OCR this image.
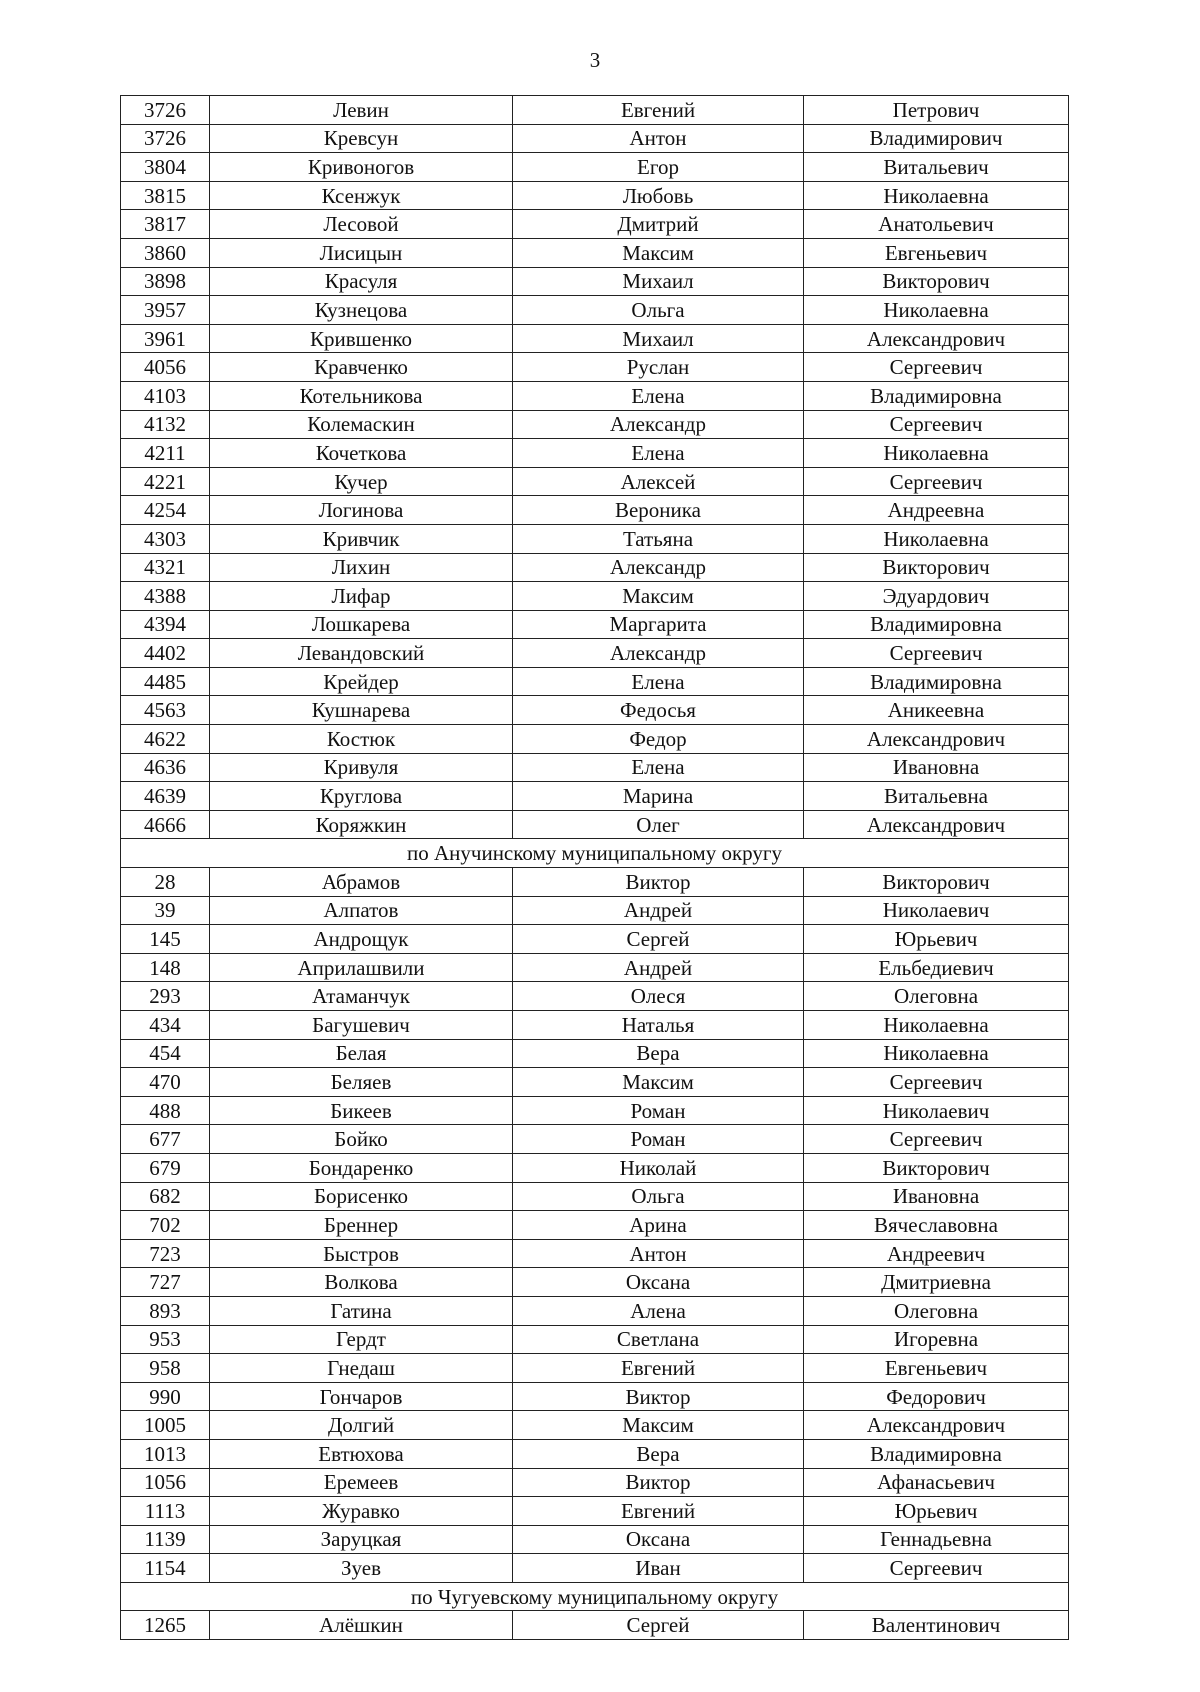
3
3726	Левин	Евгений	Петрович
3726	Кревсун	Антон	Владимирович
3804	Кривоногов	Егор	Витальевич
3815	Ксенжук	Любовь	Николаевна
3817	Лесовой	Дмитрий	Анатольевич
3860	Лисицын	Максим	Евгеньевич
3898	Красуля	Михаил	Викторович
3957	Кузнецова	Ольга	Николаевна
3961	Крившенко	Михаил	Александрович
4056	Кравченко	Руслан	Сергеевич
4103	Котельникова	Елена	Владимировна
4132	Колемаскин	Александр	Сергеевич
4211	Кочеткова	Елена	Николаевна
4221	Кучер	Алексей	Сергеевич
4254	Логинова	Вероника	Андреевна
4303	Кривчик	Татьяна	Николаевна
4321	Лихин	Александр	Викторович
4388	Лифар	Максим	Эдуардович
4394	Лошкарева	Маргарита	Владимировна
4402	Левандовский	Александр	Сергеевич
4485	Крейдер	Елена	Владимировна
4563	Кушнарева	Федосья	Аникеевна
4622	Костюк	Федор	Александрович
4636	Кривуля	Елена	Ивановна
4639	Круглова	Марина	Витальевна
4666	Коряжкин	Олег	Александрович
по Анучинскому муниципальному округу			
28	Абрамов	Виктор	Викторович
39	Алпатов	Андрей	Николаевич
145	Андрощук	Сергей	Юрьевич
148	Априлашвили	Андрей	Ельбедиевич
293	Атаманчук	Олеся	Олеговна
434	Багушевич	Наталья	Николаевна
454	Белая	Вера	Николаевна
470	Беляев	Максим	Сергеевич
488	Бикеев	Роман	Николаевич
677	Бойко	Роман	Сергеевич
679	Бондаренко	Николай	Викторович
682	Борисенко	Ольга	Ивановна
702	Бреннер	Арина	Вячеславовна
723	Быстров	Антон	Андреевич
727	Волкова	Оксана	Дмитриевна
893	Гатина	Алена	Олеговна
953	Гердт	Светлана	Игоревна
958	Гнедаш	Евгений	Евгеньевич
990	Гончаров	Виктор	Федорович
1005	Долгий	Максим	Александрович
1013	Евтюхова	Вера	Владимировна
1056	Еремеев	Виктор	Афанасьевич
1113	Журавко	Евгений	Юрьевич
1139	Заруцкая	Оксана	Геннадьевна
1154	Зуев	Иван	Сергеевич
по Чугуевскому муниципальному округу			
1265	Алёшкин	Сергей	Валентинович
